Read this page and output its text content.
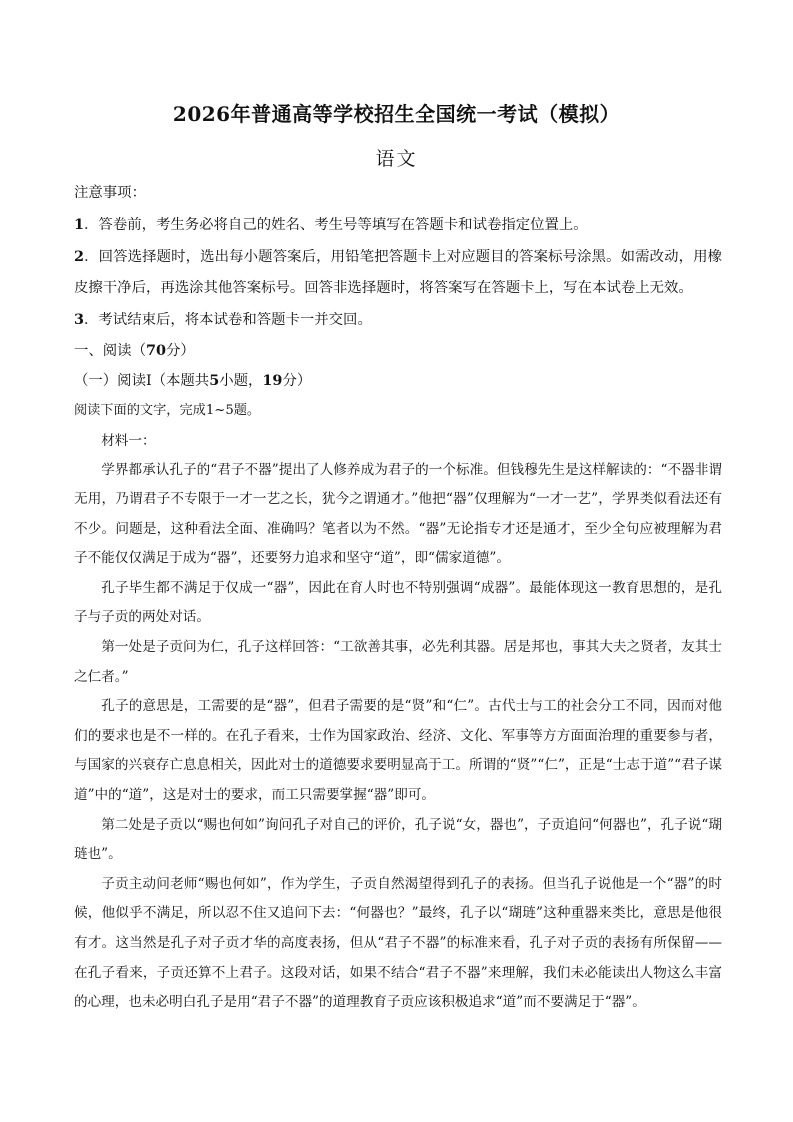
2026年普通高等学校招生全国统一考试（模拟）
语文

注意事项：

1．答卷前，考生务必将自己的姓名、考生号等填写在答题卡和试卷指定位置上。

2．回答选择题时，选出每小题答案后，用铅笔把答题卡上对应题目的答案标号涂黑。如需改动，用橡皮擦干净后，再选涂其他答案标号。回答非选择题时，将答案写在答题卡上，写在本试卷上无效。

3．考试结束后，将本试卷和答题卡一并交回。

一、阅读（70分）

（一）阅读Ⅰ（本题共5小题，19分）

阅读下面的文字，完成1~5题。

材料一：

学界都承认孔子的“君子不器”提出了人修养成为君子的一个标准。但钱穆先生是这样解读的：“不器非谓无用，乃谓君子不专限于一才一艺之长，犹今之谓通才。”他把“器”仅理解为“一才一艺”，学界类似看法还有不少。问题是，这种看法全面、准确吗？笔者以为不然。“器”无论指专才还是通才，至少全句应被理解为君子不能仅仅满足于成为“器”，还要努力追求和坚守“道”，即“儒家道德”。

孔子毕生都不满足于仅成一“器”，因此在育人时也不特别强调“成器”。最能体现这一教育思想的，是孔子与子贡的两处对话。

第一处是子贡问为仁，孔子这样回答：“工欲善其事，必先利其器。居是邦也，事其大夫之贤者，友其士之仁者。”

孔子的意思是，工需要的是“器”，但君子需要的是“贤”和“仁”。古代士与工的社会分工不同，因而对他们的要求也是不一样的。在孔子看来，士作为国家政治、经济、文化、军事等方方面面治理的重要参与者，与国家的兴衰存亡息息相关，因此对士的道德要求要明显高于工。所谓的“贤”“仁”，正是“士志于道”“君子谋道”中的“道”，这是对士的要求，而工只需要掌握“器”即可。

第二处是子贡以“赐也何如”询问孔子对自己的评价，孔子说“女，器也”，子贡追问“何器也”，孔子说“瑚琏也”。

子贡主动问老师“赐也何如”，作为学生，子贡自然渴望得到孔子的表扬。但当孔子说他是一个“器”的时候，他似乎不满足，所以忍不住又追问下去：“何器也？”最终，孔子以“瑚琏”这种重器来类比，意思是他很有才。这当然是孔子对子贡才华的高度表扬，但从“君子不器”的标准来看，孔子对子贡的表扬有所保留——在孔子看来，子贡还算不上君子。这段对话，如果不结合“君子不器”来理解，我们未必能读出人物这么丰富的心理，也未必明白孔子是用“君子不器”的道理教育子贡应该积极追求“道”而不要满足于“器”。
